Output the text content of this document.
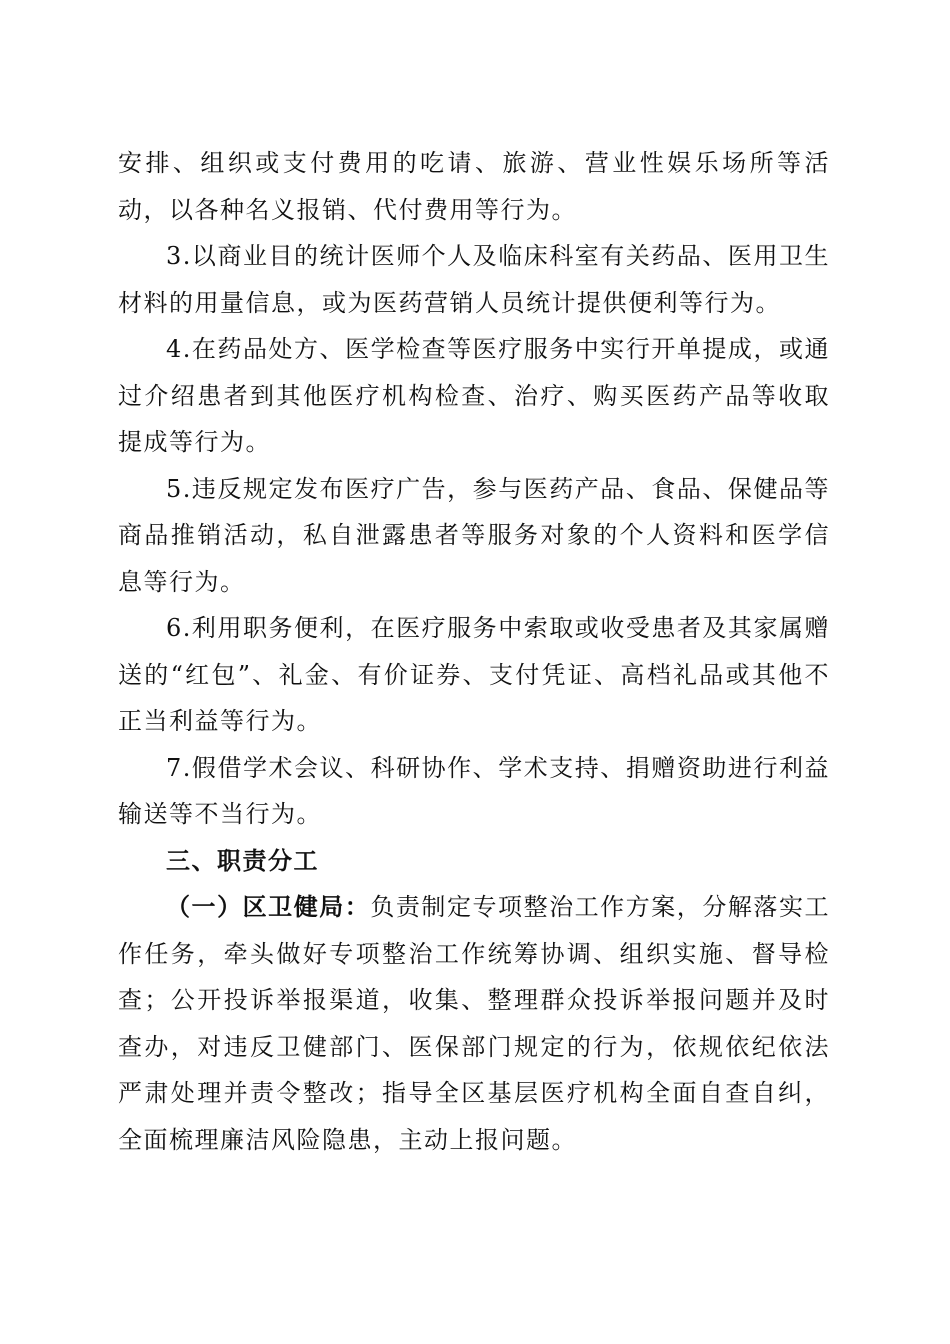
安排、组织或支付费用的吃请、旅游、营业性娱乐场所等活动，以各种名义报销、代付费用等行为。

3.以商业目的统计医师个人及临床科室有关药品、医用卫生材料的用量信息，或为医药营销人员统计提供便利等行为。

4.在药品处方、医学检查等医疗服务中实行开单提成，或通过介绍患者到其他医疗机构检查、治疗、购买医药产品等收取提成等行为。

5.违反规定发布医疗广告，参与医药产品、食品、保健品等商品推销活动，私自泄露患者等服务对象的个人资料和医学信息等行为。

6.利用职务便利，在医疗服务中索取或收受患者及其家属赠送的“红包”、礼金、有价证券、支付凭证、高档礼品或其他不正当利益等行为。

7.假借学术会议、科研协作、学术支持、捐赠资助进行利益输送等不当行为。

三、职责分工

（一）区卫健局：负责制定专项整治工作方案，分解落实工作任务，牵头做好专项整治工作统筹协调、组织实施、督导检查；公开投诉举报渠道，收集、整理群众投诉举报问题并及时查办，对违反卫健部门、医保部门规定的行为，依规依纪依法严肃处理并责令整改；指导全区基层医疗机构全面自查自纠，全面梳理廉洁风险隐患，主动上报问题。
